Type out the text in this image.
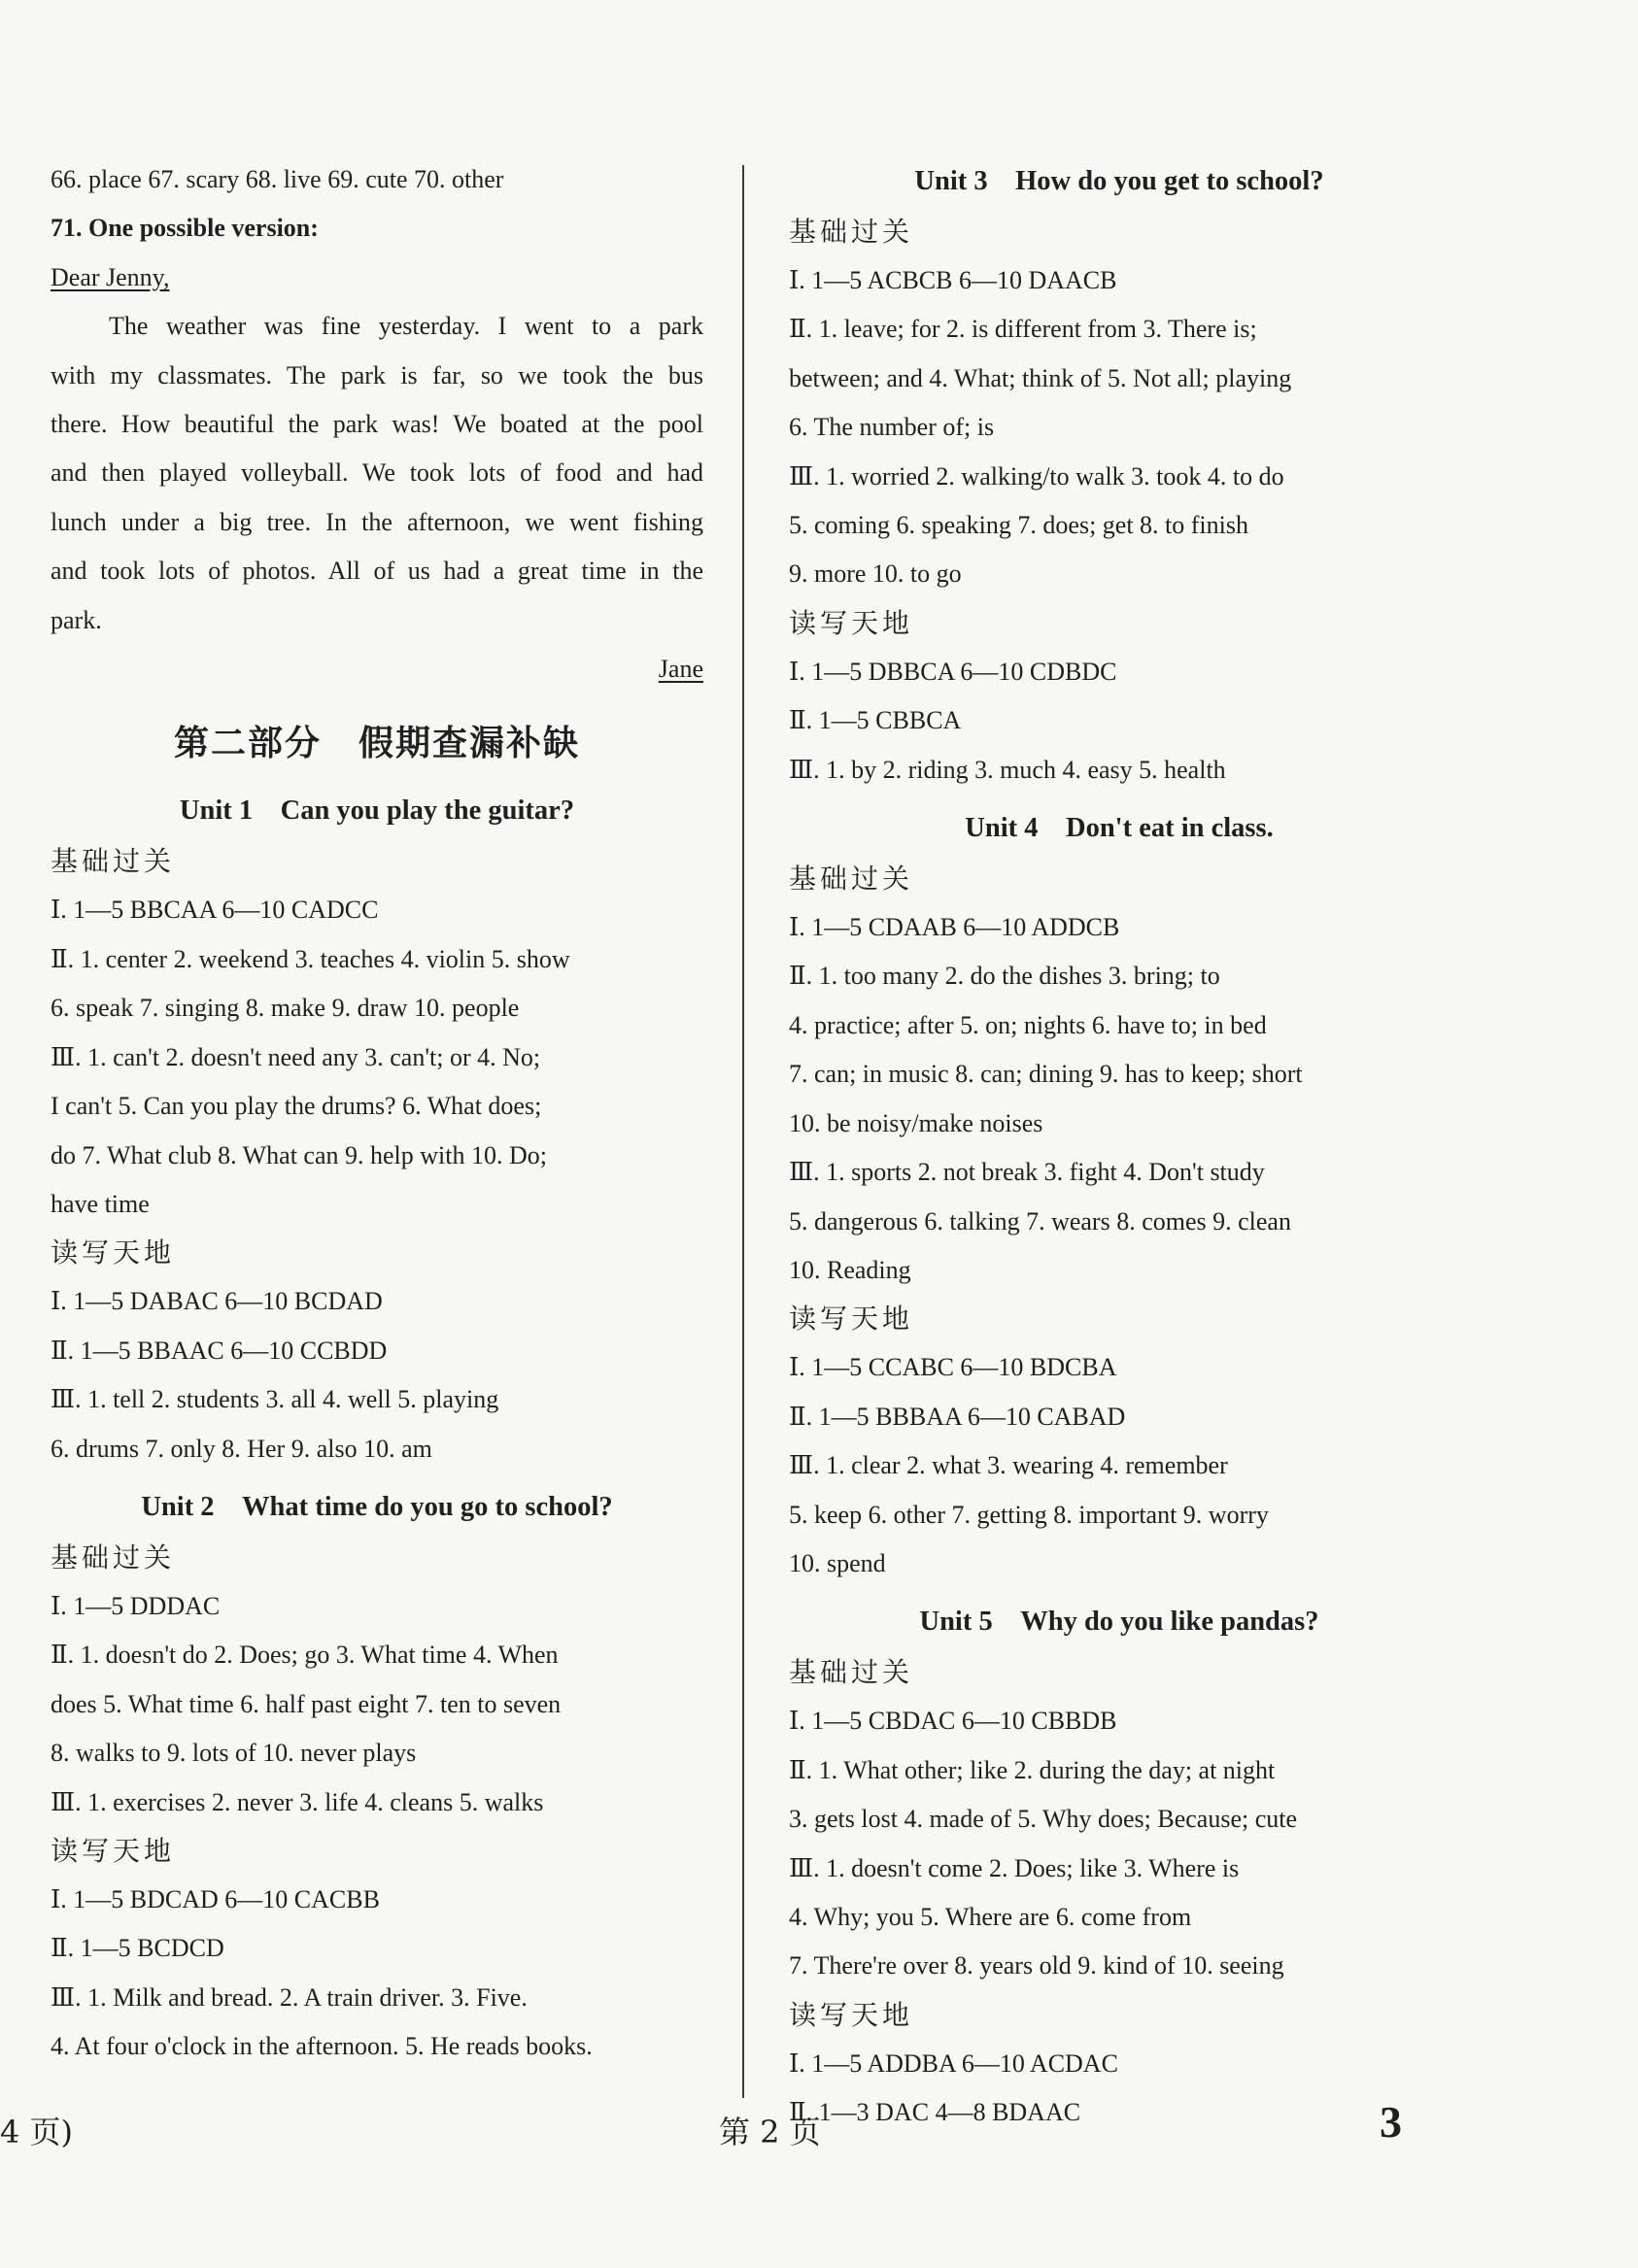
66. place 67. scary 68. live 69. cute 70. other
71. One possible version:
Dear Jenny,
The weather was fine yesterday. I went to a park
with my classmates. The park is far, so we took the bus
there. How beautiful the park was! We boated at the pool
and then played volleyball. We took lots of food and had
lunch under a big tree. In the afternoon, we went fishing
and took lots of photos. All of us had a great time in the
park.
Jane
第二部分　假期查漏补缺
Unit 1　Can you play the guitar?
基础过关
Ⅰ. 1—5 BBCAA 6—10 CADCC
Ⅱ. 1. center 2. weekend 3. teaches 4. violin 5. show
6. speak 7. singing 8. make 9. draw 10. people
Ⅲ. 1. can't 2. doesn't need any 3. can't; or 4. No;
I can't 5. Can you play the drums? 6. What does;
do 7. What club 8. What can 9. help with 10. Do;
have time
读写天地
Ⅰ. 1—5 DABAC 6—10 BCDAD
Ⅱ. 1—5 BBAAC 6—10 CCBDD
Ⅲ. 1. tell 2. students 3. all 4. well 5. playing
6. drums 7. only 8. Her 9. also 10. am
Unit 2　What time do you go to school?
基础过关
Ⅰ. 1—5 DDDAC
Ⅱ. 1. doesn't do 2. Does; go 3. What time 4. When
does 5. What time 6. half past eight 7. ten to seven
8. walks to 9. lots of 10. never plays
Ⅲ. 1. exercises 2. never 3. life 4. cleans 5. walks
读写天地
Ⅰ. 1—5 BDCAD 6—10 CACBB
Ⅱ. 1—5 BCDCD
Ⅲ. 1. Milk and bread. 2. A train driver. 3. Five.
4. At four o'clock in the afternoon. 5. He reads books.
Unit 3　How do you get to school?
基础过关
Ⅰ. 1—5 ACBCB 6—10 DAACB
Ⅱ. 1. leave; for 2. is different from 3. There is;
between; and 4. What; think of 5. Not all; playing
6. The number of; is
Ⅲ. 1. worried 2. walking/to walk 3. took 4. to do
5. coming 6. speaking 7. does; get 8. to finish
9. more 10. to go
读写天地
Ⅰ. 1—5 DBBCA 6—10 CDBDC
Ⅱ. 1—5 CBBCA
Ⅲ. 1. by 2. riding 3. much 4. easy 5. health
Unit 4　Don't eat in class.
基础过关
Ⅰ. 1—5 CDAAB 6—10 ADDCB
Ⅱ. 1. too many 2. do the dishes 3. bring; to
4. practice; after 5. on; nights 6. have to; in bed
7. can; in music 8. can; dining 9. has to keep; short
10. be noisy/make noises
Ⅲ. 1. sports 2. not break 3. fight 4. Don't study
5. dangerous 6. talking 7. wears 8. comes 9. clean
10. Reading
读写天地
Ⅰ. 1—5 CCABC 6—10 BDCBA
Ⅱ. 1—5 BBBAA 6—10 CABAD
Ⅲ. 1. clear 2. what 3. wearing 4. remember
5. keep 6. other 7. getting 8. important 9. worry
10. spend
Unit 5　Why do you like pandas?
基础过关
Ⅰ. 1—5 CBDAC 6—10 CBBDB
Ⅱ. 1. What other; like 2. during the day; at night
3. gets lost 4. made of 5. Why does; Because; cute
Ⅲ. 1. doesn't come 2. Does; like 3. Where is
4. Why; you 5. Where are 6. come from
7. There're over 8. years old 9. kind of 10. seeing
读写天地
Ⅰ. 1—5 ADDBA 6—10 ACDAC
Ⅱ. 1—3 DAC 4—8 BDAAC
4 页)	第 2 页	3
